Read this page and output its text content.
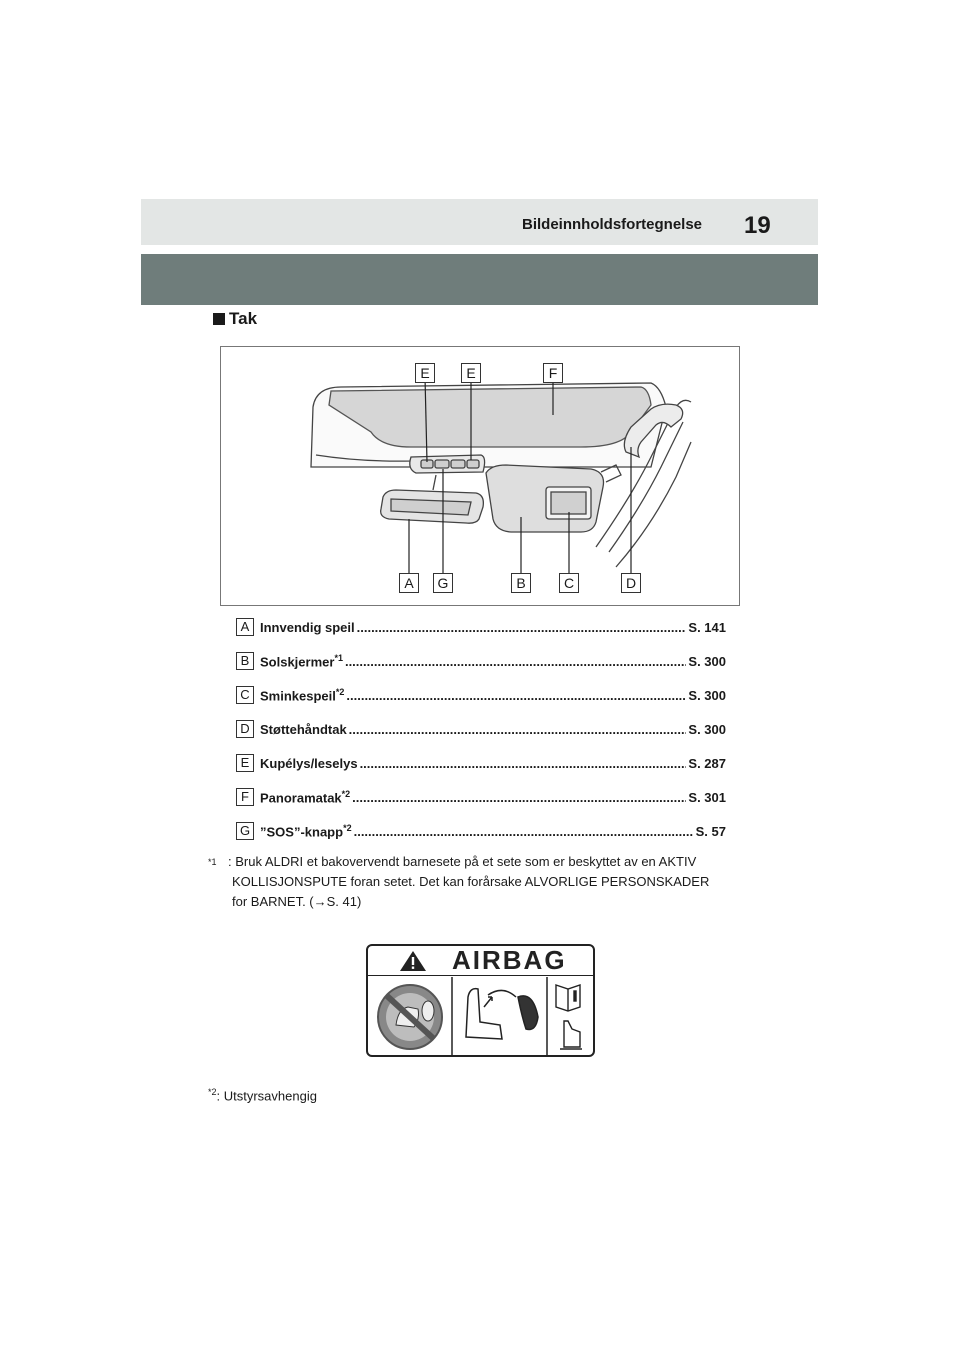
Bildeinnholdsfortegnelse 19
Tak
E	E	F
A	G	B	C	D
A Innvendig speil .....	S. 141
B Solskjermer$^{*1}$ .....	S. 300
C Sminkespeil$^{*2}$ .....	S. 300
D Støttehåndtak .....	S. 300
E Kupélys/leselys .....	S. 287
F Panoramatak$^{*2}$ .....	S. 301
G ”SOS”-knapp$^{*2}$ .....	S. 57
$^{*1}$ : Bruk ALDRI et bakovervendt barnesete på et sete som er beskyttet av en AKTIV
KOLLISJONSPUTE foran setet. Det kan forårsake ALVORLIGE PERSONSKADER
for BARNET. (→S. 41)
AIRBAG
$^{*2}$: Utstyrsavhengig
